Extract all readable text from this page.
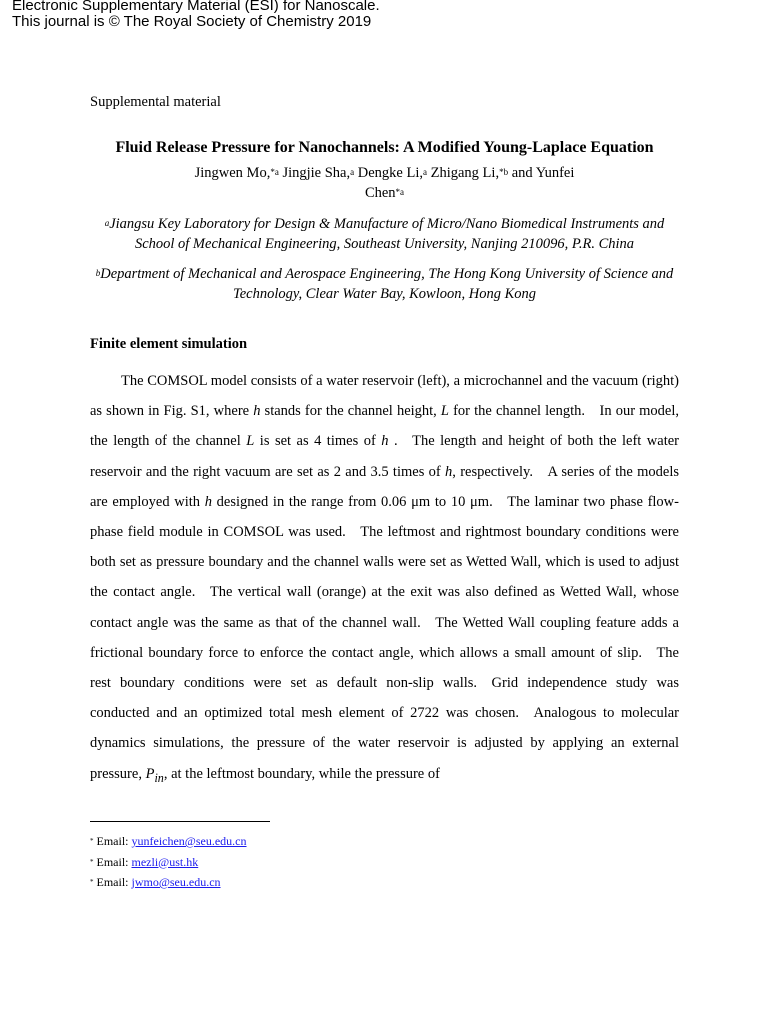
Electronic Supplementary Material (ESI) for Nanoscale.
This journal is © The Royal Society of Chemistry 2019
Supplemental material
Fluid Release Pressure for Nanochannels: A Modified Young-Laplace Equation
Jingwen Mo,$^{*a}$ Jingjie Sha,$^a$ Dengke Li,$^a$ Zhigang Li,$^{*b}$ and Yunfei Chen$^{*a}$
$^a$Jiangsu Key Laboratory for Design & Manufacture of Micro/Nano Biomedical Instruments and School of Mechanical Engineering, Southeast University, Nanjing 210096, P.R. China
$^b$Department of Mechanical and Aerospace Engineering, The Hong Kong University of Science and Technology, Clear Water Bay, Kowloon, Hong Kong
Finite element simulation

The COMSOL model consists of a water reservoir (left), a microchannel and the vacuum (right) as shown in Fig. S1, where h stands for the channel height, L for the channel length. In our model, the length of the channel L is set as 4 times of h . The length and height of both the left water reservoir and the right vacuum are set as 2 and 3.5 times of h, respectively. A series of the models are employed with h designed in the range from 0.06 μm to 10 μm. The laminar two phase flow-phase field module in COMSOL was used. The leftmost and rightmost boundary conditions were both set as pressure boundary and the channel walls were set as Wetted Wall, which is used to adjust the contact angle. The vertical wall (orange) at the exit was also defined as Wetted Wall, whose contact angle was the same as that of the channel wall. The Wetted Wall coupling feature adds a frictional boundary force to enforce the contact angle, which allows a small amount of slip. The rest boundary conditions were set as default non-slip walls. Grid independence study was conducted and an optimized total mesh element of 2722 was chosen. Analogous to molecular dynamics simulations, the pressure of the water reservoir is adjusted by applying an external pressure, $P_{in}$, at the leftmost boundary, while the pressure of

* Email: yunfeichen@seu.edu.cn
* Email: mezli@ust.hk
* Email: jwmo@seu.edu.cn
